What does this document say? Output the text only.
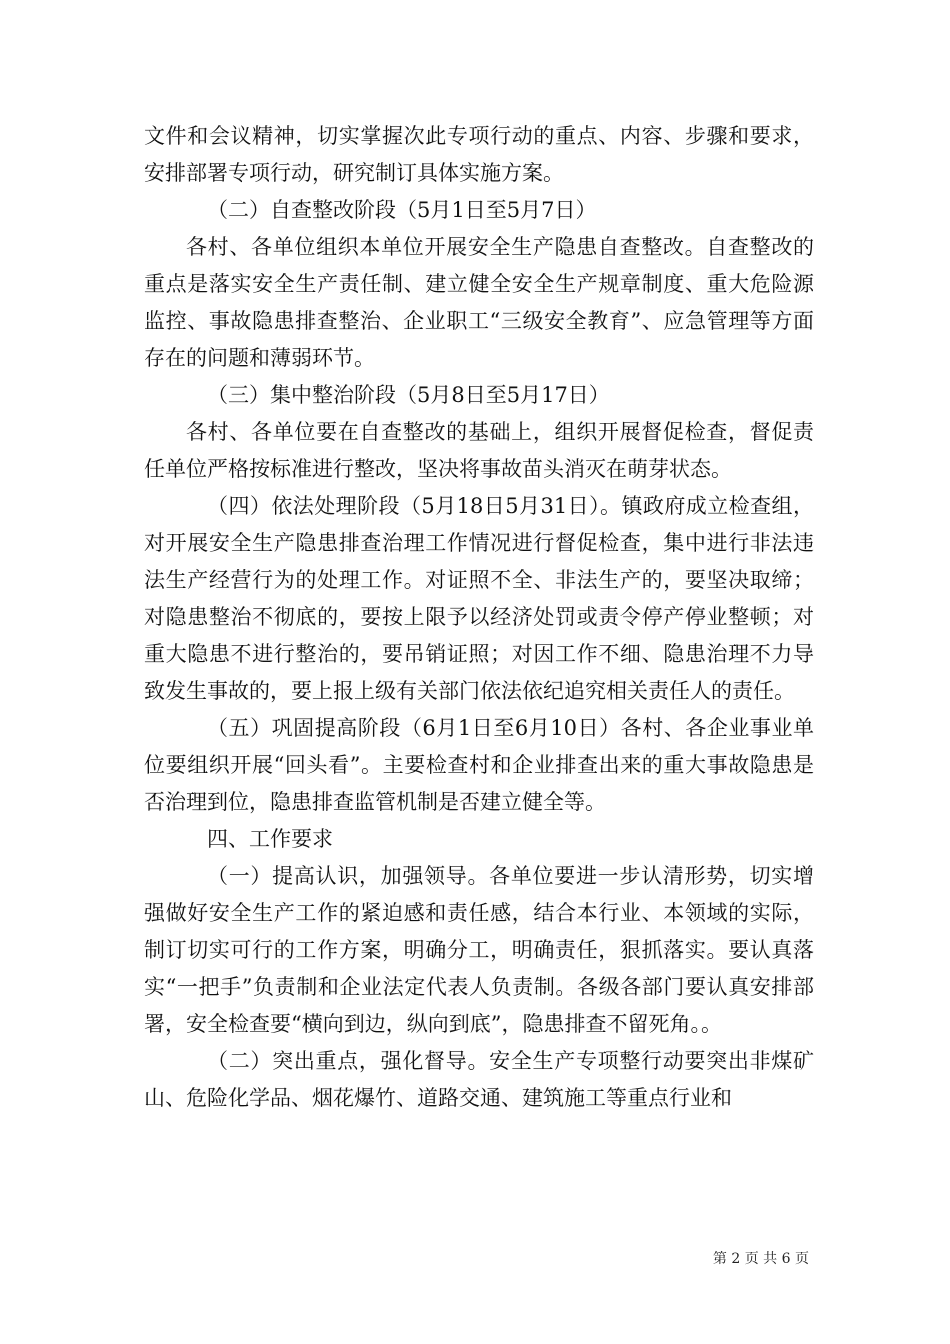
文件和会议精神，切实掌握次此专项行动的重点、内容、步骤和要求，安排部署专项行动，研究制订具体实施方案。

（二）自查整改阶段（5月1日至5月7日）

各村、各单位组织本单位开展安全生产隐患自查整改。自查整改的重点是落实安全生产责任制、建立健全安全生产规章制度、重大危险源监控、事故隐患排查整治、企业职工“三级安全教育”、应急管理等方面存在的问题和薄弱环节。

（三）集中整治阶段（5月8日至5月17日）

各村、各单位要在自查整改的基础上，组织开展督促检查，督促责任单位严格按标准进行整改，坚决将事故苗头消灭在萌芽状态。

（四）依法处理阶段（5月18日5月31日）。镇政府成立检查组，对开展安全生产隐患排查治理工作情况进行督促检查，集中进行非法违法生产经营行为的处理工作。对证照不全、非法生产的，要坚决取缔；对隐患整治不彻底的，要按上限予以经济处罚或责令停产停业整顿；对重大隐患不进行整治的，要吊销证照；对因工作不细、隐患治理不力导致发生事故的，要上报上级有关部门依法依纪追究相关责任人的责任。

（五）巩固提高阶段（6月1日至6月10日）各村、各企业事业单位要组织开展“回头看”。主要检查村和企业排查出来的重大事故隐患是否治理到位，隐患排查监管机制是否建立健全等。

四、工作要求

（一）提高认识，加强领导。各单位要进一步认清形势，切实增强做好安全生产工作的紧迫感和责任感，结合本行业、本领域的实际，制订切实可行的工作方案，明确分工，明确责任，狠抓落实。要认真落实“一把手”负责制和企业法定代表人负责制。各级各部门要认真安排部署，安全检查要“横向到边，纵向到底”，隐患排查不留死角。。

（二）突出重点，强化督导。安全生产专项整行动要突出非煤矿山、危险化学品、烟花爆竹、道路交通、建筑施工等重点行业和

第 2 页 共 6 页
